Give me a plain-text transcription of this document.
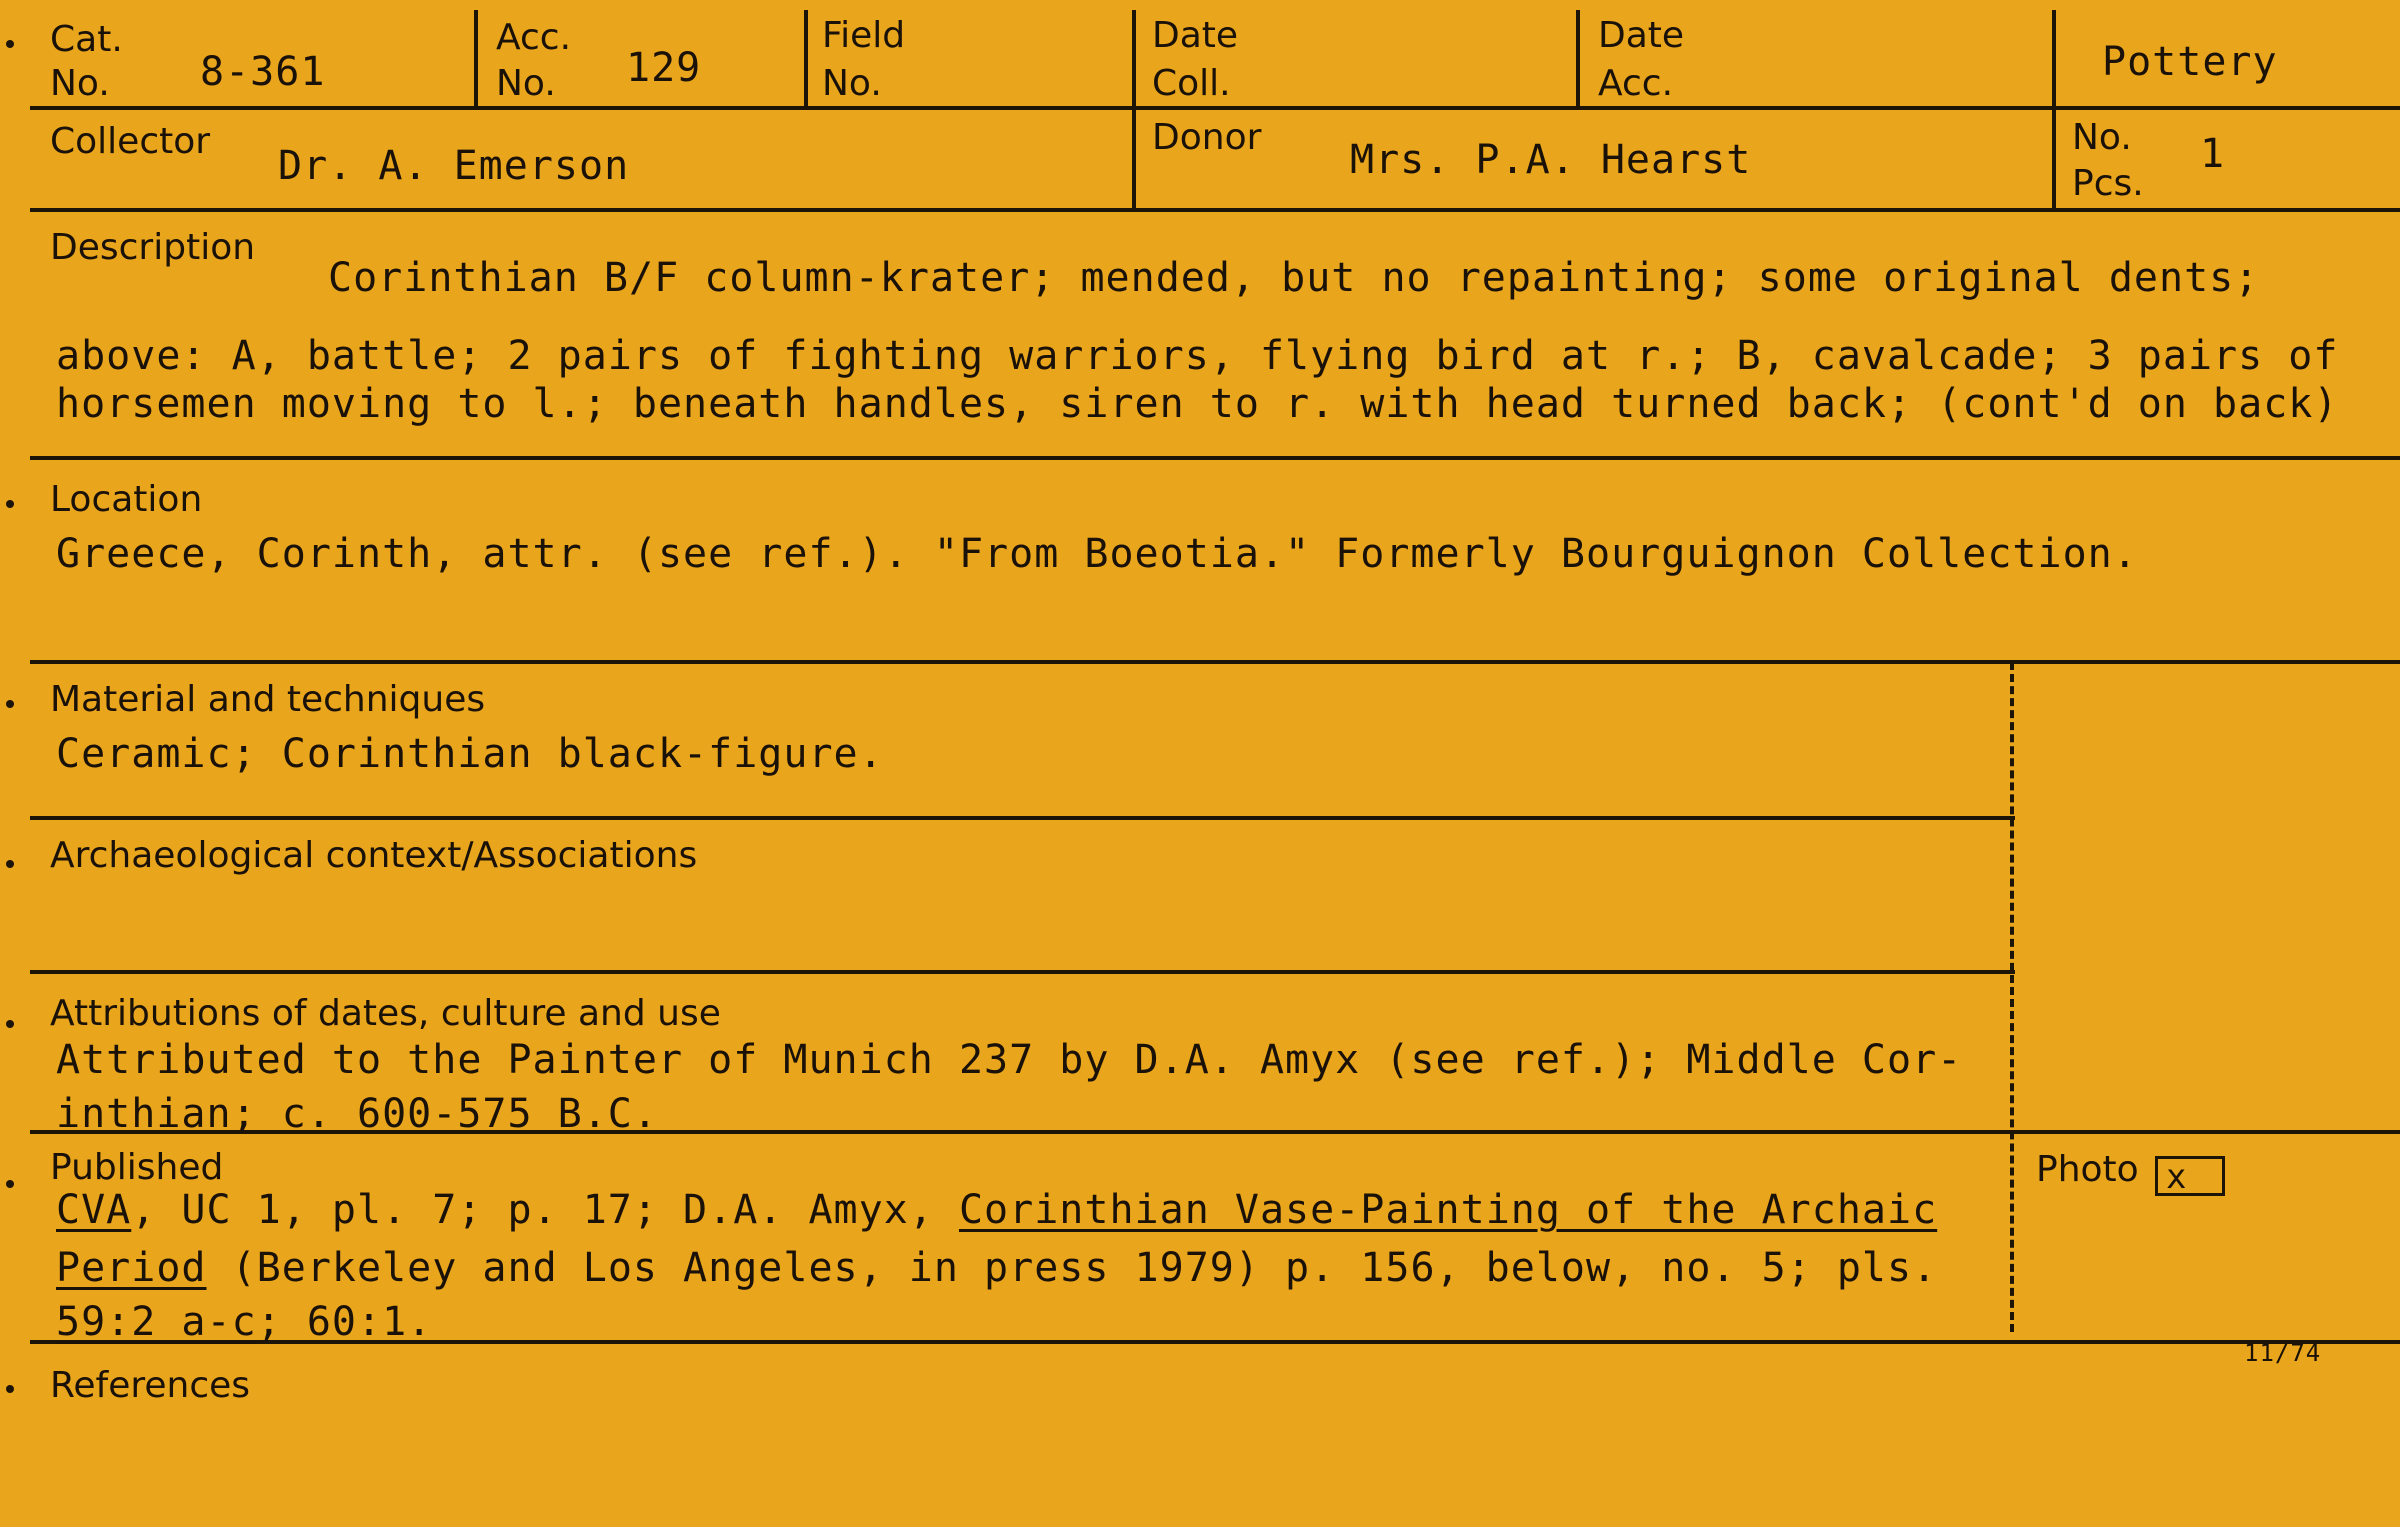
Cat.
No. 8-361
Acc.
No. 129
Field
No.
Date
Coll.
Date
Acc.	Pottery
Collector
Dr. A. Emerson
Donor Mrs. P.A. Hearst	No.
Pcs.
1
Description
Corinthian B/F column-krater; mended, but no repainting; some original dents;
above: A, battle; 2 pairs of fighting warriors, flying bird at r.; B, cavalcade; 3 pairs of
horsemen moving to l.; beneath handles, siren to r. with head turned back; (cont'd on back)
Location
Greece, Corinth, attr. (see ref.). "From Boeotia." Formerly Bourguignon Collection.
Material and techniques
Ceramic; Corinthian black-figure.
Archaeological context/Associations
Attributions of dates, culture and use
Attributed to the Painter of Munich 237 by D.A. Amyx (see ref.); Middle Cor-
inthian; c. 600-575 B.C.
Published
CVA, UC 1, pl. 7; p. 17; D.A. Amyx, Corinthian Vase-Painting of the Archaic
Period (Berkeley and Los Angeles, in press 1979) p. 156, below, no. 5; pls.
59:2 a-c; 60:1.
Photo x
11/74
References
